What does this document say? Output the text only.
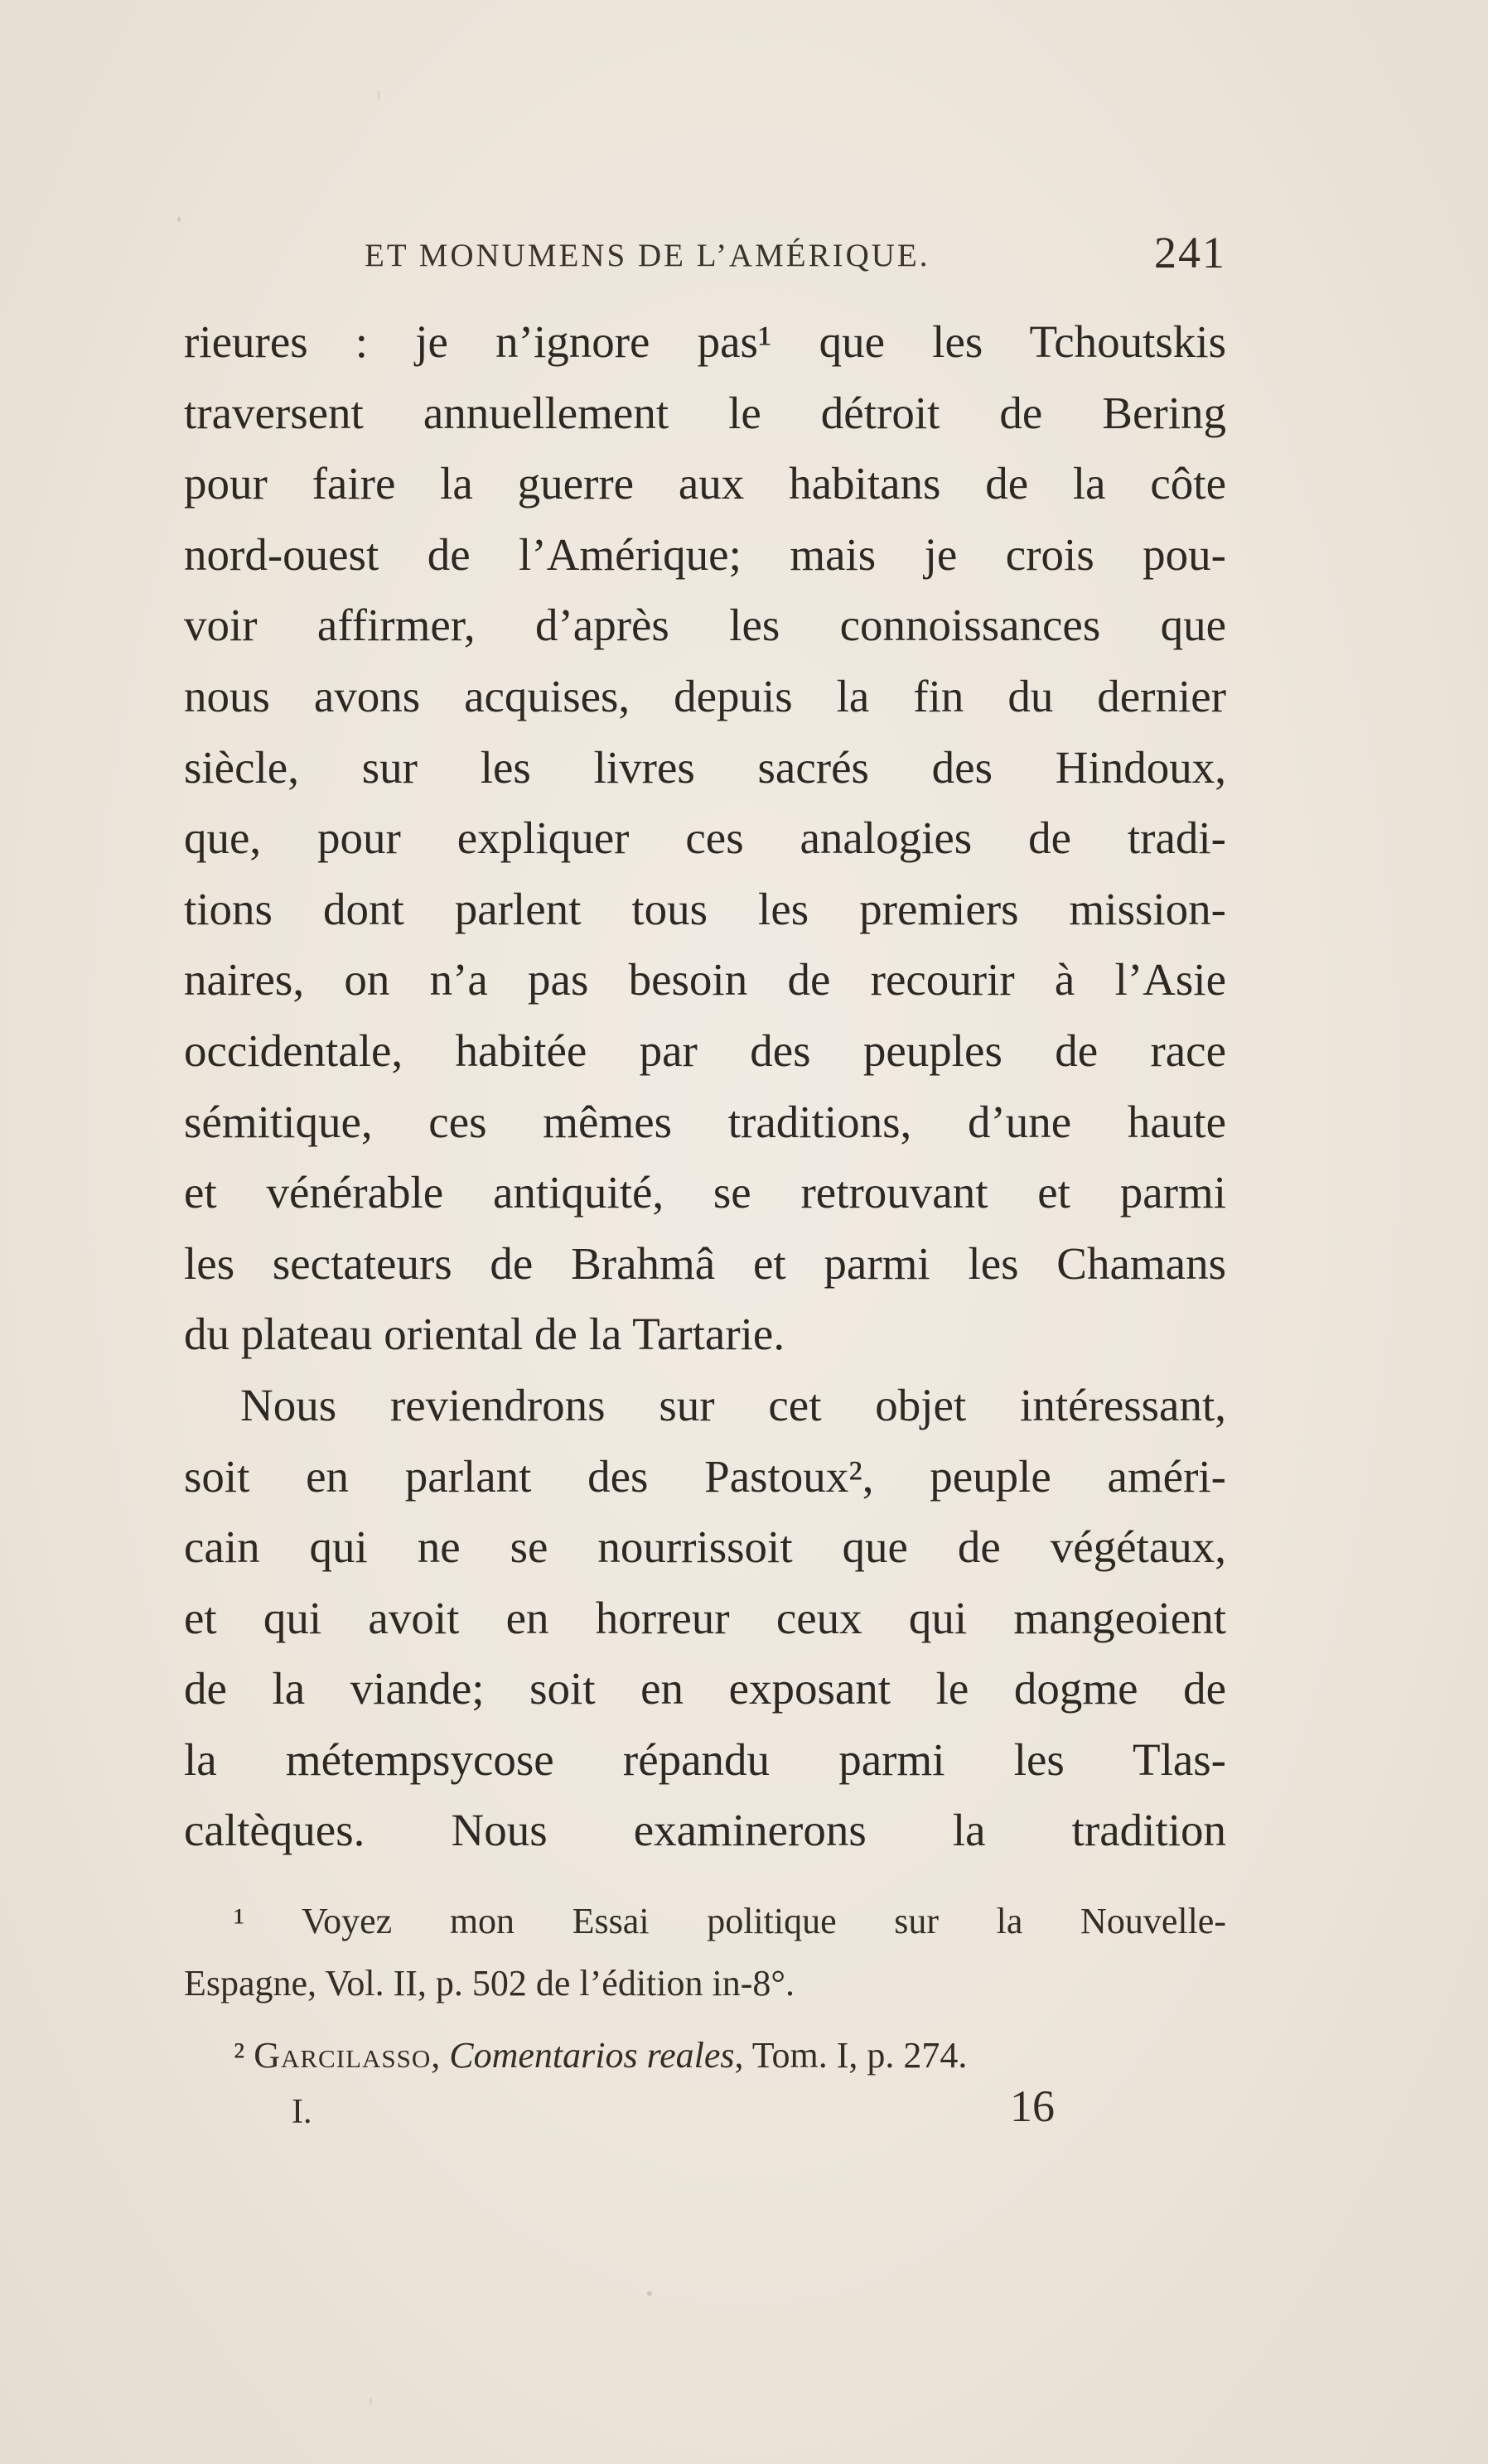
ET MONUMENS DE L’AMÉRIQUE.	241
rieures : je n’ignore pas¹ que les Tchoutskis
traversent annuellement le détroit de Bering
pour faire la guerre aux habitans de la côte
nord-ouest de l’Amérique; mais je crois pou-
voir affirmer, d’après les connoissances que
nous avons acquises, depuis la fin du dernier
siècle, sur les livres sacrés des Hindoux,
que, pour expliquer ces analogies de tradi-
tions dont parlent tous les premiers mission-
naires, on n’a pas besoin de recourir à l’Asie
occidentale, habitée par des peuples de race
sémitique, ces mêmes traditions, d’une haute
et vénérable antiquité, se retrouvant et parmi
les sectateurs de Brahmâ et parmi les Chamans
du plateau oriental de la Tartarie.
Nous reviendrons sur cet objet intéressant,
soit en parlant des Pastoux², peuple améri-
cain qui ne se nourrissoit que de végétaux,
et qui avoit en horreur ceux qui mangeoient
de la viande; soit en exposant le dogme de
la métempsycose répandu parmi les Tlas-
caltèques. Nous examinerons la tradition
¹ Voyez mon Essai politique sur la Nouvelle-
Espagne, Vol. II, p. 502 de l’édition in-8°.
² Garcilasso, Comentarios reales, Tom. I, p. 274.
I.	16
